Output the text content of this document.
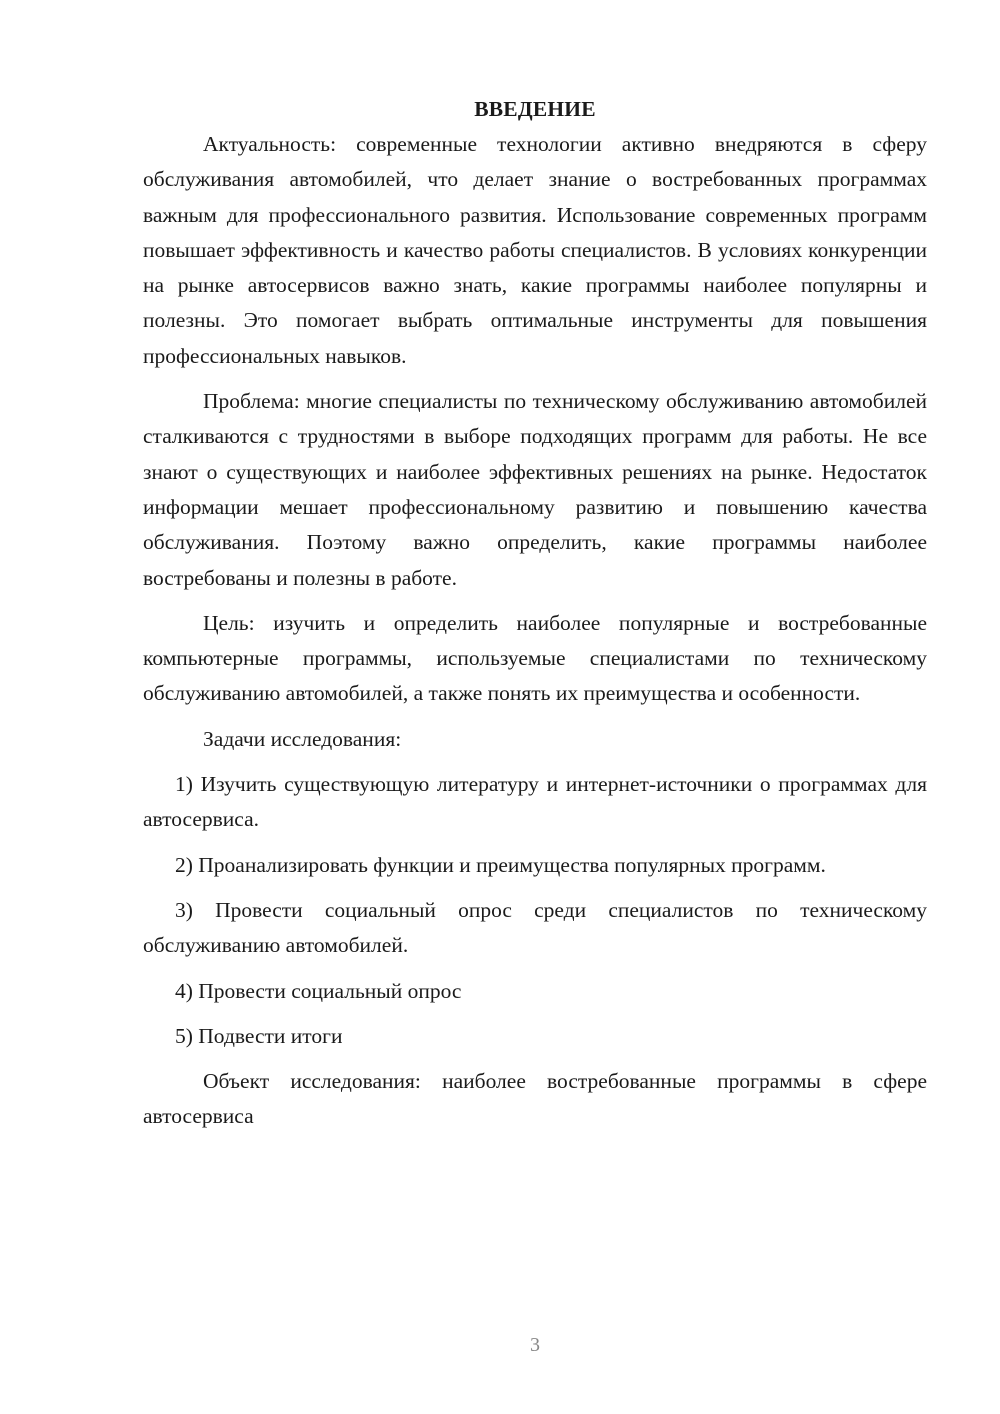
ВВЕДЕНИЕ

Актуальность: современные технологии активно внедряются в сферу обслуживания автомобилей, что делает знание о востребованных программах важным для профессионального развития. Использование современных программ повышает эффективность и качество работы специалистов. В условиях конкуренции на рынке автосервисов важно знать, какие программы наиболее популярны и полезны. Это помогает выбрать оптимальные инструменты для повышения профессиональных навыков.

Проблема: многие специалисты по техническому обслуживанию автомобилей сталкиваются с трудностями в выборе подходящих программ для работы. Не все знают о существующих и наиболее эффективных решениях на рынке. Недостаток информации мешает профессиональному развитию и повышению качества обслуживания. Поэтому важно определить, какие программы наиболее востребованы и полезны в работе.

Цель: изучить и определить наиболее популярные и востребованные компьютерные программы, используемые специалистами по техническому обслуживанию автомобилей, а также понять их преимущества и особенности.

Задачи исследования:

1) Изучить существующую литературу и интернет-источники о программах для автосервиса.

2) Проанализировать функции и преимущества популярных программ.

3) Провести социальный опрос среди специалистов по техническому обслуживанию автомобилей.

4) Провести социальный опрос

5) Подвести итоги

Объект исследования: наиболее востребованные программы в сфере автосервиса

3
